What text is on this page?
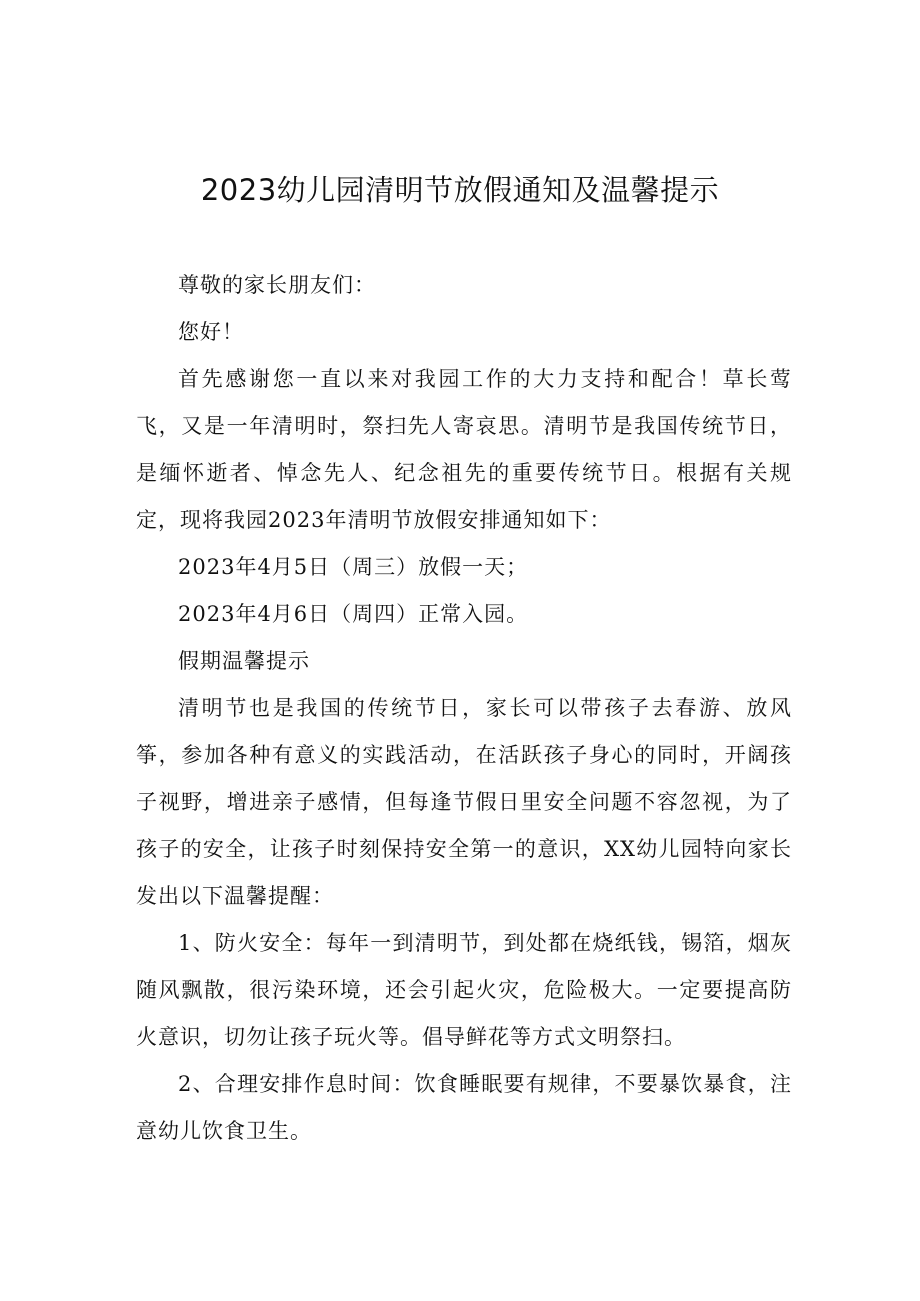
2023幼儿园清明节放假通知及温馨提示

尊敬的家长朋友们：

您好！

首先感谢您一直以来对我园工作的大力支持和配合！草长莺飞，又是一年清明时，祭扫先人寄哀思。清明节是我国传统节日，是缅怀逝者、悼念先人、纪念祖先的重要传统节日。根据有关规定，现将我园2023年清明节放假安排通知如下：

2023年4月5日（周三）放假一天；

2023年4月6日（周四）正常入园。

假期温馨提示

清明节也是我国的传统节日，家长可以带孩子去春游、放风筝，参加各种有意义的实践活动，在活跃孩子身心的同时，开阔孩子视野，增进亲子感情，但每逢节假日里安全问题不容忽视，为了孩子的安全，让孩子时刻保持安全第一的意识，XX幼儿园特向家长发出以下温馨提醒：

1、防火安全：每年一到清明节，到处都在烧纸钱，锡箔，烟灰随风飘散，很污染环境，还会引起火灾，危险极大。一定要提高防火意识，切勿让孩子玩火等。倡导鲜花等方式文明祭扫。

2、合理安排作息时间：饮食睡眠要有规律，不要暴饮暴食，注意幼儿饮食卫生。
